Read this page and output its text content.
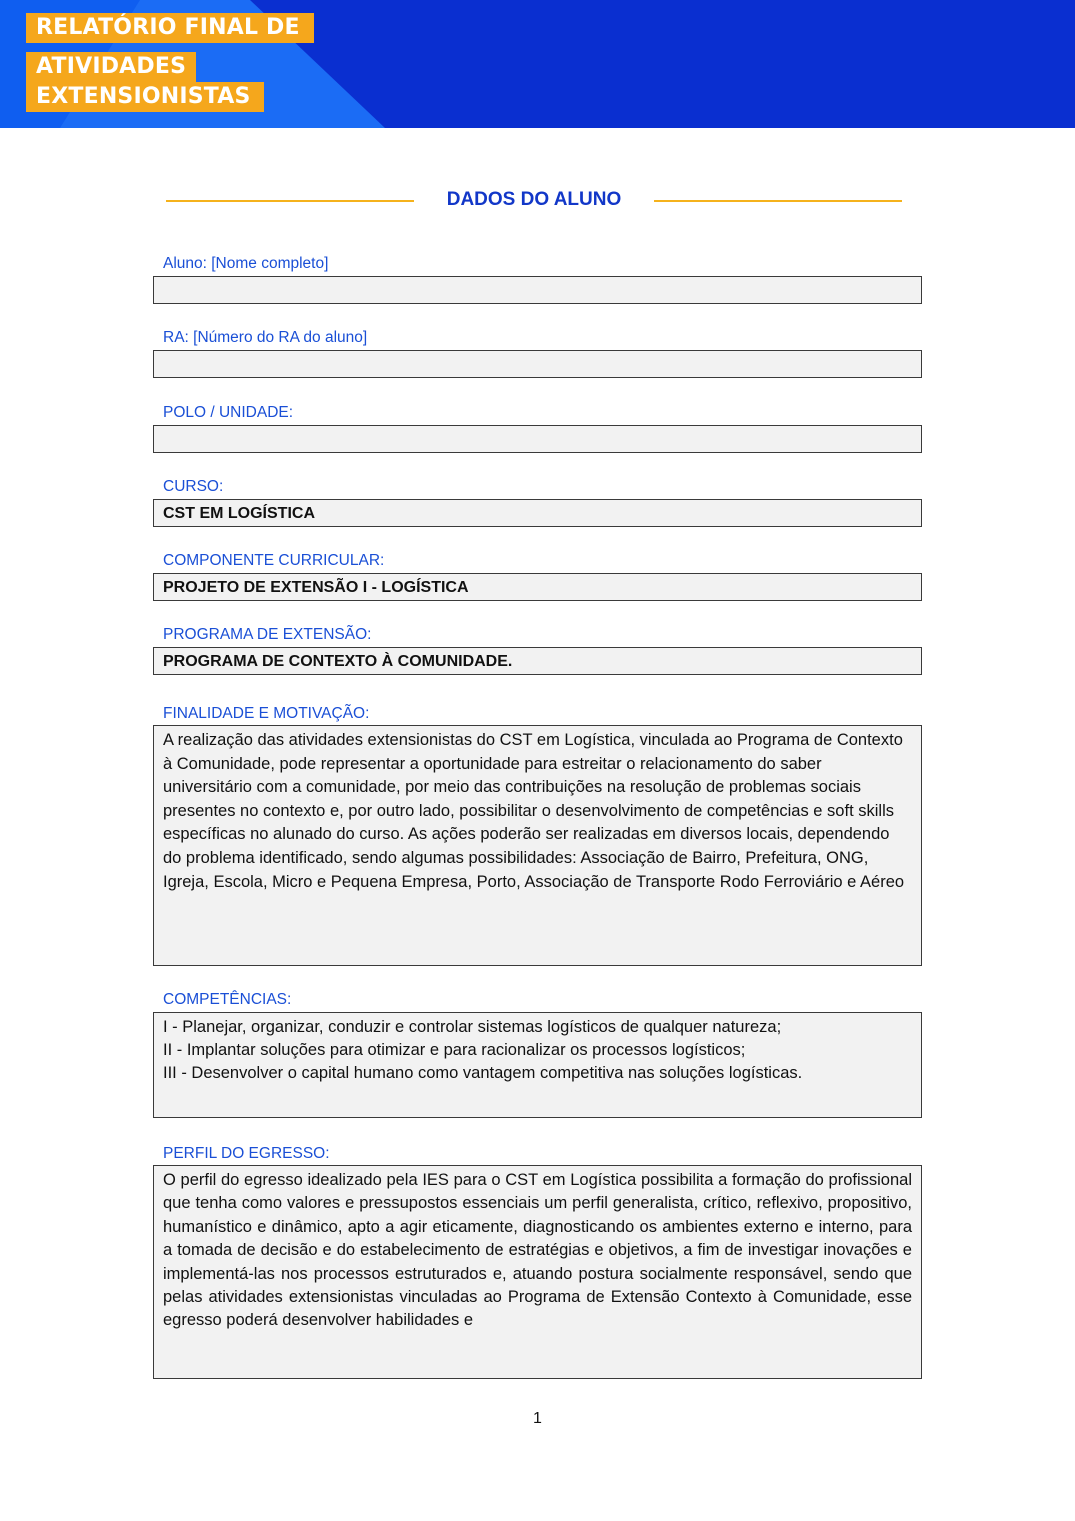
RELATÓRIO FINAL DE
ATIVIDADES
EXTENSIONISTAS
DADOS DO ALUNO
Aluno: [Nome completo]
RA: [Número do RA do aluno]
POLO / UNIDADE:
CURSO:
CST EM LOGÍSTICA
COMPONENTE CURRICULAR:
PROJETO DE EXTENSÃO I - LOGÍSTICA
PROGRAMA DE EXTENSÃO:
PROGRAMA DE CONTEXTO À COMUNIDADE.
FINALIDADE E MOTIVAÇÃO:
A realização das atividades extensionistas do CST em Logística, vinculada ao Programa de Contexto à Comunidade, pode representar a oportunidade para estreitar o relacionamento do saber universitário com a comunidade, por meio das contribuições na resolução de problemas sociais presentes no contexto e, por outro lado, possibilitar o desenvolvimento de competências e soft skills específicas no alunado do curso. As ações poderão ser realizadas em diversos locais, dependendo do problema identificado, sendo algumas possibilidades: Associação de Bairro, Prefeitura, ONG, Igreja, Escola, Micro e Pequena Empresa, Porto, Associação de Transporte Rodo Ferroviário e Aéreo
COMPETÊNCIAS:
I - Planejar, organizar, conduzir e controlar sistemas logísticos de qualquer natureza;
II - Implantar soluções para otimizar e para racionalizar os processos logísticos;
III - Desenvolver o capital humano como vantagem competitiva nas soluções logísticas.
PERFIL DO EGRESSO:
O perfil do egresso idealizado pela IES para o CST em Logística possibilita a formação do profissional que tenha como valores e pressupostos essenciais um perfil generalista, crítico, reflexivo, propositivo, humanístico e dinâmico, apto a agir eticamente, diagnosticando os ambientes externo e interno, para a tomada de decisão e do estabelecimento de estratégias e objetivos, a fim de investigar inovações e implementá-las nos processos estruturados e, atuando postura socialmente responsável, sendo que pelas atividades extensionistas vinculadas ao Programa de Extensão Contexto à Comunidade, esse egresso poderá desenvolver habilidades e
1
